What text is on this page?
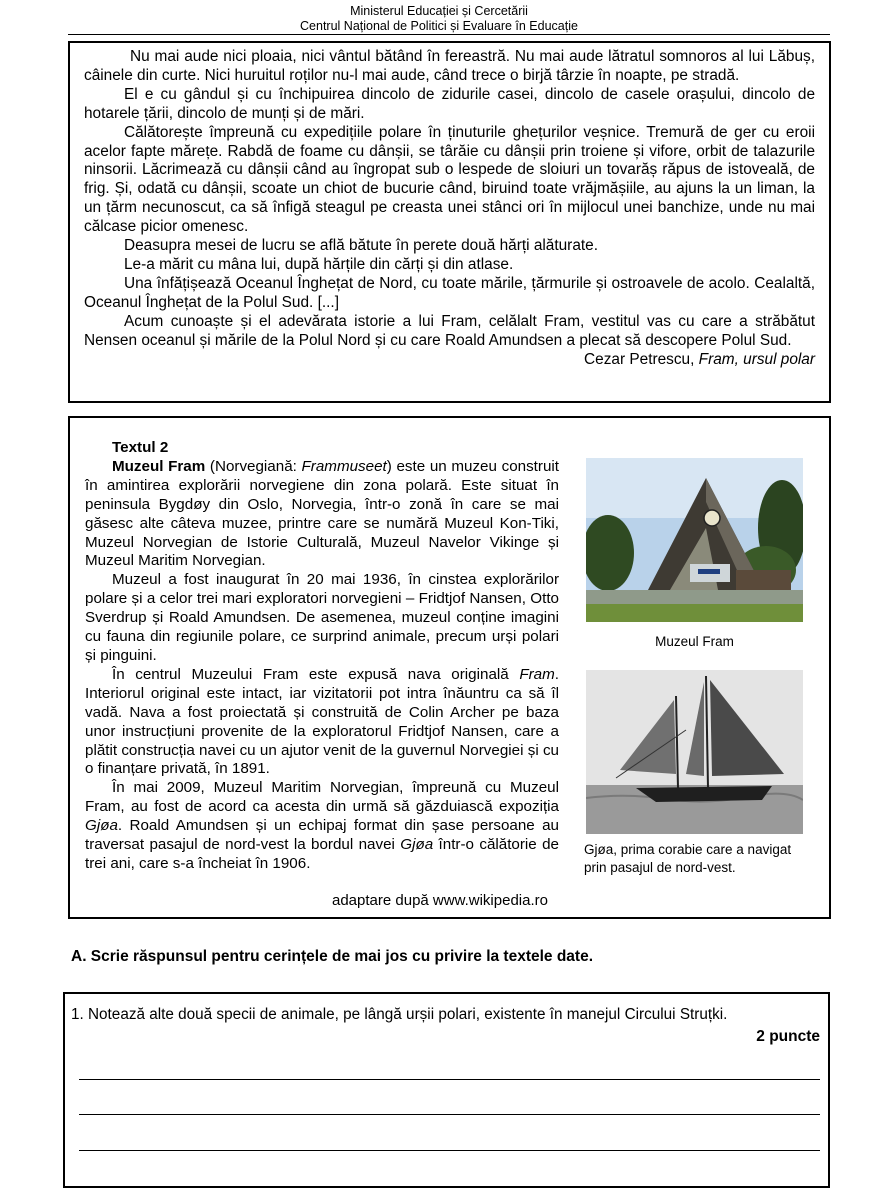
Ministerul Educației și Cercetării
Centrul Național de Politici și Evaluare în Educație

Nu mai aude nici ploaia, nici vântul bătând în fereastră. Nu mai aude lătratul somnoros al lui Lăbuș, câinele din curte. Nici huruitul roților nu-l mai aude, când trece o birjă târzie în noapte, pe stradă.

El e cu gândul și cu închipuirea dincolo de zidurile casei, dincolo de casele orașului, dincolo de hotarele țării, dincolo de munți și de mări.

Călătorește împreună cu expedițiile polare în ținuturile ghețurilor veșnice. Tremură de ger cu eroii acelor fapte mărețe. Rabdă de foame cu dânșii, se târăie cu dânșii prin troiene și vifore, orbit de talazurile ninsorii. Lăcrimează cu dânșii când au îngropat sub o lespede de sloiuri un tovarăș răpus de istoveală, de frig. Și, odată cu dânșii, scoate un chiot de bucurie când, biruind toate vrăjmășiile, au ajuns la un liman, la un țărm necunoscut, ca să înfigă steagul pe creasta unei stânci ori în mijlocul unei banchize, unde nu mai călcase picior omenesc.

Deasupra mesei de lucru se află bătute în perete două hărți alăturate.

Le-a mărit cu mâna lui, după hărțile din cărți și din atlase.

Una înfățișează Oceanul Înghețat de Nord, cu toate mările, țărmurile și ostroavele de acolo. Cealaltă, Oceanul Înghețat de la Polul Sud. [...]

Acum cunoaște și el adevărata istorie a lui Fram, celălalt Fram, vestitul vas cu care a străbătut Nensen oceanul și mările de la Polul Nord și cu care Roald Amundsen a plecat să descopere Polul Sud.

Cezar Petrescu, Fram, ursul polar

Textul 2

Muzeul Fram (Norvegiană: Frammuseet) este un muzeu construit în amintirea explorării norvegiene din zona polară. Este situat în peninsula Bygdøy din Oslo, Norvegia, într-o zonă în care se mai găsesc alte câteva muzee, printre care se numără Muzeul Kon-Tiki, Muzeul Norvegian de Istorie Culturală, Muzeul Navelor Vikinge și Muzeul Maritim Norvegian.

Muzeul a fost inaugurat în 20 mai 1936, în cinstea explorărilor polare și a celor trei mari exploratori norvegieni – Fridtjof Nansen, Otto Sverdrup și Roald Amundsen. De asemenea, muzeul conține imagini cu fauna din regiunile polare, ce surprind animale, precum urși polari și pinguini.

În centrul Muzeului Fram este expusă nava originală Fram. Interiorul original este intact, iar vizitatorii pot intra înăuntru ca să îl vadă. Nava a fost proiectată și construită de Colin Archer pe baza unor instrucțiuni provenite de la exploratorul Fridtjof Nansen, care a plătit construcția navei cu un ajutor venit de la guvernul Norvegiei și cu o finanțare privată, în 1891.

În mai 2009, Muzeul Maritim Norvegian, împreună cu Muzeul Fram, au fost de acord ca acesta din urmă să găzduiască expoziția Gjøa. Roald Amundsen și un echipaj format din șase persoane au traversat pasajul de nord-vest la bordul navei Gjøa într-o călătorie de trei ani, care s-a încheiat în 1906.

Muzeul Fram
Gjøa, prima corabie care a navigat prin pasajul de nord-vest.
adaptare după www.wikipedia.ro
A. Scrie răspunsul pentru cerințele de mai jos cu privire la textele date.
1. Notează alte două specii de animale, pe lângă urșii polari, existente în manejul Circului Struțki.
2 puncte
